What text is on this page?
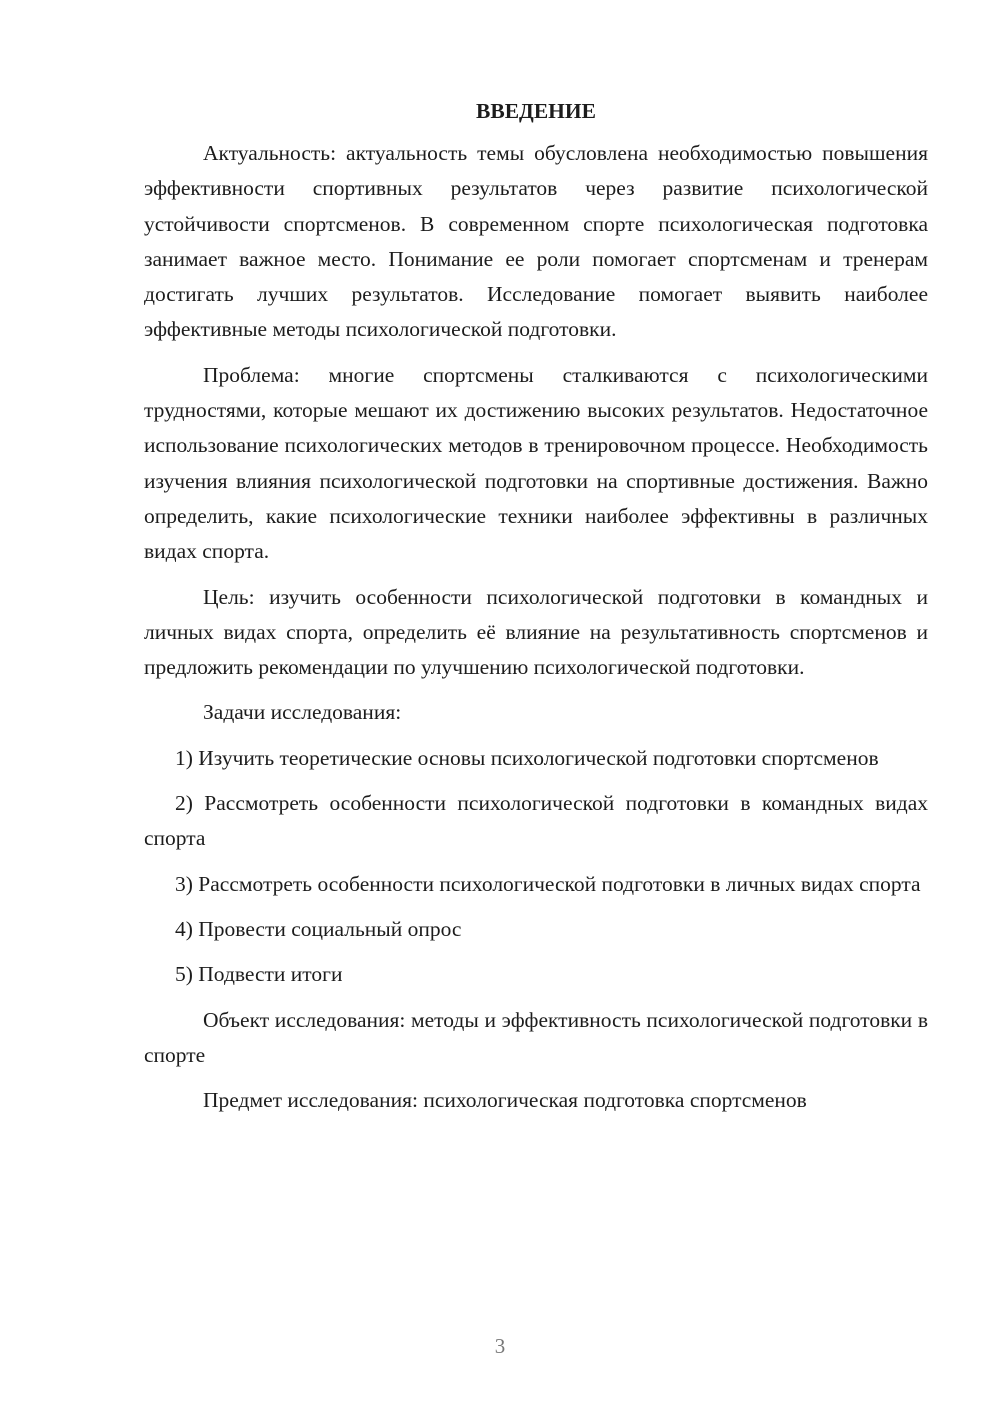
ВВЕДЕНИЕ

Актуальность: актуальность темы обусловлена необходимостью повышения эффективности спортивных результатов через развитие психологической устойчивости спортсменов. В современном спорте психологическая подготовка занимает важное место. Понимание ее роли помогает спортсменам и тренерам достигать лучших результатов. Исследование помогает выявить наиболее эффективные методы психологической подготовки.

Проблема: многие спортсмены сталкиваются с психологическими трудностями, которые мешают их достижению высоких результатов. Недостаточное использование психологических методов в тренировочном процессе. Необходимость изучения влияния психологической подготовки на спортивные достижения. Важно определить, какие психологические техники наиболее эффективны в различных видах спорта.

Цель: изучить особенности психологической подготовки в командных и личных видах спорта, определить её влияние на результативность спортсменов и предложить рекомендации по улучшению психологической подготовки.

Задачи исследования:

1) Изучить теоретические основы психологической подготовки спортсменов

2) Рассмотреть особенности психологической подготовки в командных видах спорта

3) Рассмотреть особенности психологической подготовки в личных видах спорта

4) Провести социальный опрос

5) Подвести итоги

Объект исследования: методы и эффективность психологической подготовки в спорте

Предмет исследования: психологическая подготовка спортсменов

3
